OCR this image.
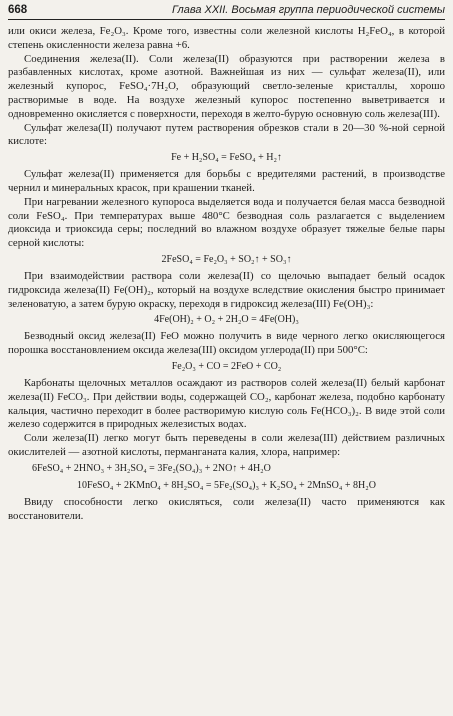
668	Глава XXII. Восьмая группа периодической системы

или окиси железа, Fe₂O₃. Кроме того, известны соли железной кислоты H₂FeO₄, в которой степень окисленности железа равна +6.

Соединения железа(II). Соли железа(II) образуются при растворении железа в разбавленных кислотах, кроме азотной. Важнейшая из них — сульфат железа(II), или железный купорос, FeSO₄·7H₂O, образующий светло-зеленые кристаллы, хорошо растворимые в воде. На воздухе железный купорос постепенно выветривается и одновременно окисляется с поверхности, переходя в желто-бурую основную соль железа(III).

Сульфат железа(II) получают путем растворения обрезков стали в 20—30 %-ной серной кислоте:

Fe + H₂SO₄ = FeSO₄ + H₂↑

Сульфат железа(II) применяется для борьбы с вредителями растений, в производстве чернил и минеральных красок, при крашении тканей.

При нагревании железного купороса выделяется вода и получается белая масса безводной соли FeSO₄. При температурах выше 480°C безводная соль разлагается с выделением диоксида и триоксида серы; последний во влажном воздухе образует тяжелые белые пары серной кислоты:

2FeSO₄ = Fe₂O₃ + SO₂↑ + SO₃↑

При взаимодействии раствора соли железа(II) со щелочью выпадает белый осадок гидроксида железа(II) Fe(OH)₂, который на воздухе вследствие окисления быстро принимает зеленоватую, а затем бурую окраску, переходя в гидроксид железа(III) Fe(OH)₃:

4Fe(OH)₂ + O₂ + 2H₂O = 4Fe(OH)₃

Безводный оксид железа(II) FeO можно получить в виде черного легко окисляющегося порошка восстановлением оксида железа(III) оксидом углерода(II) при 500°C:

Fe₂O₃ + CO = 2FeO + CO₂

Карбонаты щелочных металлов осаждают из растворов солей железа(II) белый карбонат железа(II) FeCO₃. При действии воды, содержащей CO₂, карбонат железа, подобно карбонату кальция, частично переходит в более растворимую кислую соль Fe(HCO₃)₂. В виде этой соли железо содержится в природных железистых водах.

Соли железа(II) легко могут быть переведены в соли железа(III) действием различных окислителей — азотной кислоты, перманганата калия, хлора, например:

6FeSO₄ + 2HNO₃ + 3H₂SO₄ = 3Fe₂(SO₄)₃ + 2NO↑ + 4H₂O
10FeSO₄ + 2KMnO₄ + 8H₂SO₄ = 5Fe₂(SO₄)₃ + K₂SO₄ + 2MnSO₄ + 8H₂O

Ввиду способности легко окисляться, соли железа(II) часто применяются как восстановители.
